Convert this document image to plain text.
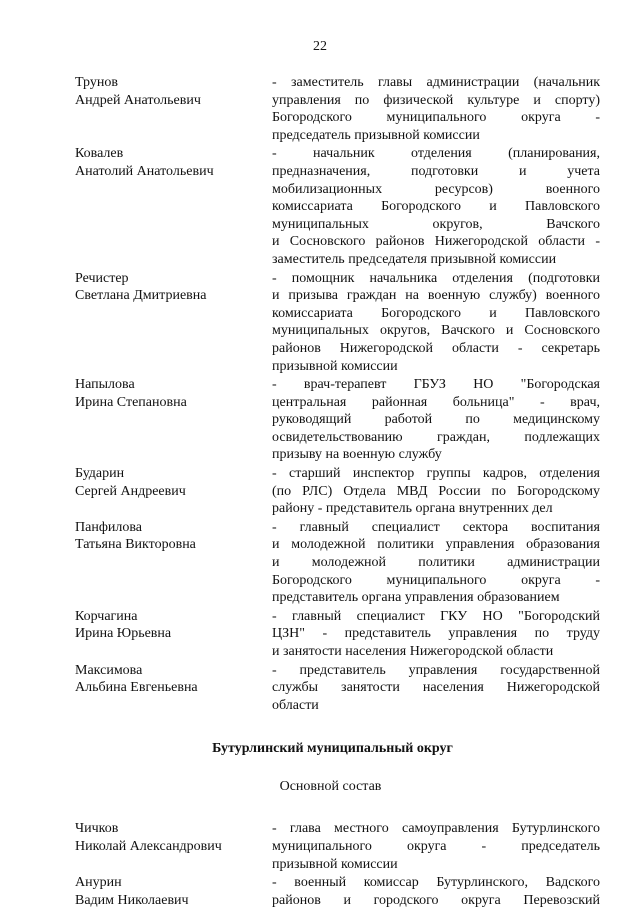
22
Трунов
Андрей Анатольевич
- заместитель главы администрации (начальник
управления по физической культуре и спорту)
Богородского муниципального округа -
председатель призывной комиссии
Ковалев
Анатолий Анатольевич
- начальник отделения (планирования,
предназначения, подготовки и учета
мобилизационных ресурсов) военного
комиссариата Богородского и Павловского
муниципальных округов, Вачского
и Сосновского районов Нижегородской области -
заместитель председателя призывной комиссии
Речистер
Светлана Дмитриевна
- помощник начальника отделения (подготовки
и призыва граждан на военную службу) военного
комиссариата Богородского и Павловского
муниципальных округов, Вачского и Сосновского
районов Нижегородской области - секретарь
призывной комиссии
Напылова
Ирина Степановна
- врач-терапевт ГБУЗ НО "Богородская
центральная районная больница" - врач,
руководящий работой по медицинскому
освидетельствованию граждан, подлежащих
призыву на военную службу
Бударин
Сергей Андреевич
- старший инспектор группы кадров, отделения
(по РЛС) Отдела МВД России по Богородскому
району - представитель органа внутренних дел
Панфилова
Татьяна Викторовна
- главный специалист сектора воспитания
и молодежной политики управления образования
и молодежной политики администрации
Богородского муниципального округа -
представитель органа управления образованием
Корчагина
Ирина Юрьевна
- главный специалист ГКУ НО "Богородский
ЦЗН" - представитель управления по труду
и занятости населения Нижегородской области
Максимова
Альбина Евгеньевна
- представитель управления государственной
службы занятости населения Нижегородской
области
Бутурлинский муниципальный округ
Основной состав
Чичков
Николай Александрович
- глава местного самоуправления Бутурлинского
муниципального округа - председатель
призывной комиссии
Анурин
Вадим Николаевич
- военный комиссар Бутурлинского, Вадского
районов и городского округа Перевозский
